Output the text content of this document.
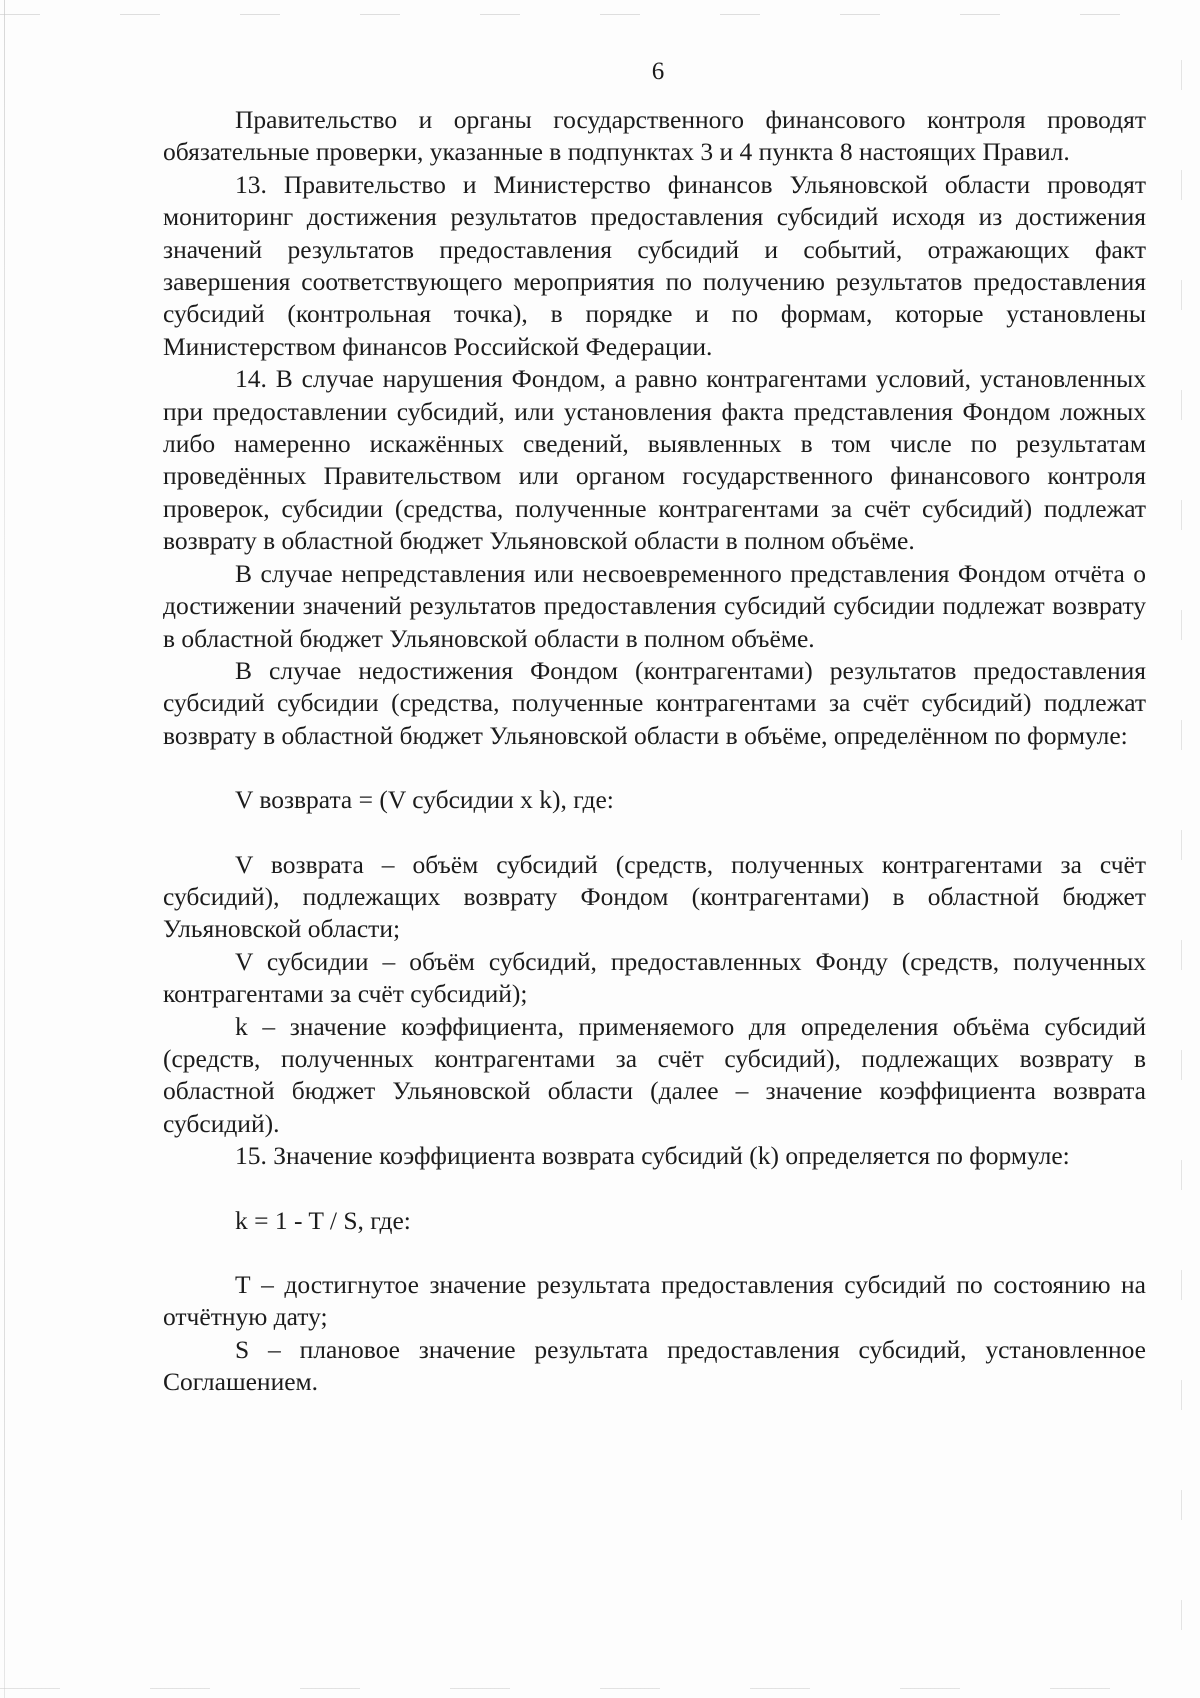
6

Правительство и органы государственного финансового контроля проводят обязательные проверки, указанные в подпунктах 3 и 4 пункта 8 настоящих Правил.

13. Правительство и Министерство финансов Ульяновской области проводят мониторинг достижения результатов предоставления субсидий исходя из достижения значений результатов предоставления субсидий и событий, отражающих факт завершения соответствующего мероприятия по получению результатов предоставления субсидий (контрольная точка), в порядке и по формам, которые установлены Министерством финансов Российской Федерации.

14. В случае нарушения Фондом, а равно контрагентами условий, установленных при предоставлении субсидий, или установления факта представления Фондом ложных либо намеренно искажённых сведений, выявленных в том числе по результатам проведённых Правительством или органом государственного финансового контроля проверок, субсидии (средства, полученные контрагентами за счёт субсидий) подлежат возврату в областной бюджет Ульяновской области в полном объёме.

В случае непредставления или несвоевременного представления Фондом отчёта о достижении значений результатов предоставления субсидий субсидии подлежат возврату в областной бюджет Ульяновской области в полном объёме.

В случае недостижения Фондом (контрагентами) результатов предоставления субсидий субсидии (средства, полученные контрагентами за счёт субсидий) подлежат возврату в областной бюджет Ульяновской области в объёме, определённом по формуле:

V возврата = (V субсидии х k), где:

V возврата – объём субсидий (средств, полученных контрагентами за счёт субсидий), подлежащих возврату Фондом (контрагентами) в областной бюджет Ульяновской области;

V субсидии – объём субсидий, предоставленных Фонду (средств, полученных контрагентами за счёт субсидий);

k – значение коэффициента, применяемого для определения объёма субсидий (средств, полученных контрагентами за счёт субсидий), подлежащих возврату в областной бюджет Ульяновской области (далее – значение коэффициента возврата субсидий).

15. Значение коэффициента возврата субсидий (k) определяется по формуле:

k = 1 - T / S, где:

Т – достигнутое значение результата предоставления субсидий по состоянию на отчётную дату;

S – плановое значение результата предоставления субсидий, установленное Соглашением.
